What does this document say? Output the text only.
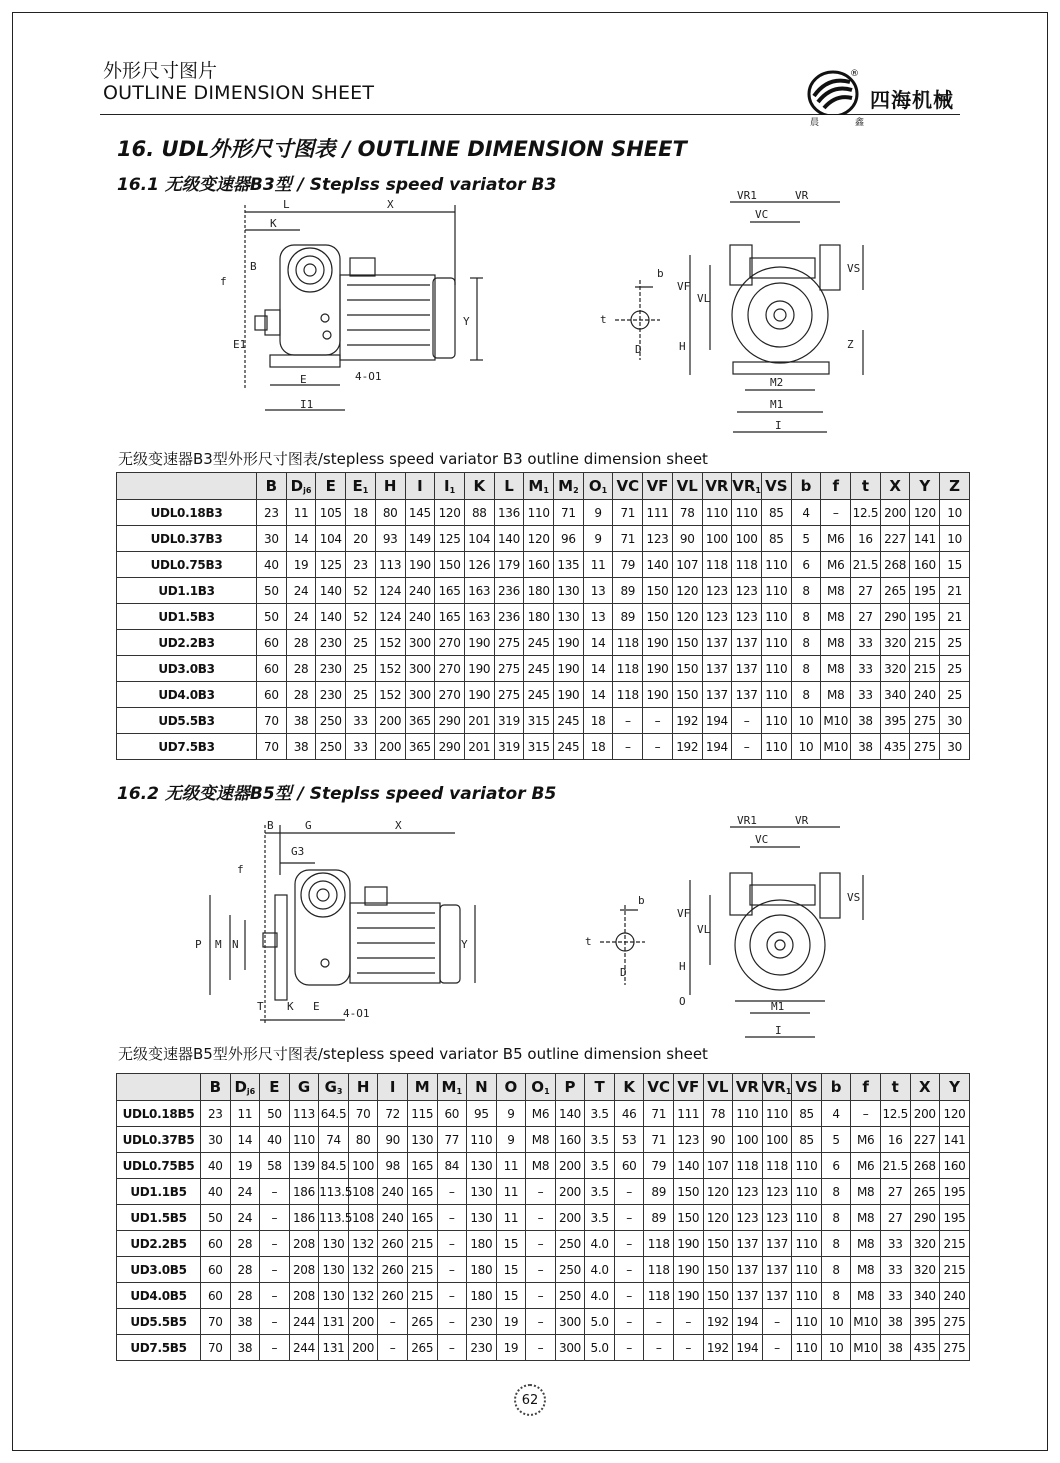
外形尺寸图片
OUTLINE DIMENSION SHEET
®
四海机械
晨	鑫
16. UDL外形尺寸图表 / OUTLINE DIMENSION SHEET
16.1 无级变速器B3型 / Steplss speed variator B3
L	X
K
B
f
E1
Y
4-O1
E
I1
b
t
D
VR1	VR
VC
VF
VL
VS
H	Z
M2
M1
I
无级变速器B3型外形尺寸图表/stepless speed variator B3 outline dimension sheet
	B	$D_{j6}$	E	$E_1$	H	I	$I_1$	K	L	$M_1$	$M_2$	$O_1$	VC	VF	VL	VR	$VR_1$	VS	b	f	t	X	Y	Z
UDL0.18B3	23	11	105	18	80	145	120	88	136	110	71	9	71	111	78	110	110	85	4	–	12.5	200	120	10
UDL0.37B3	30	14	104	20	93	149	125	104	140	120	96	9	71	123	90	100	100	85	5	M6	16	227	141	10
UDL0.75B3	40	19	125	23	113	190	150	126	179	160	135	11	79	140	107	118	118	110	6	M6	21.5	268	160	15
UD1.1B3	50	24	140	52	124	240	165	163	236	180	130	13	89	150	120	123	123	110	8	M8	27	265	195	21
UD1.5B3	50	24	140	52	124	240	165	163	236	180	130	13	89	150	120	123	123	110	8	M8	27	290	195	21
UD2.2B3	60	28	230	25	152	300	270	190	275	245	190	14	118	190	150	137	137	110	8	M8	33	320	215	25
UD3.0B3	60	28	230	25	152	300	270	190	275	245	190	14	118	190	150	137	137	110	8	M8	33	320	215	25
UD4.0B3	60	28	230	25	152	300	270	190	275	245	190	14	118	190	150	137	137	110	8	M8	33	340	240	25
UD5.5B3	70	38	250	33	200	365	290	201	319	315	245	18	–	–	192	194	–	110	10	M10	38	395	275	30
UD7.5B3	70	38	250	33	200	365	290	201	319	315	245	18	–	–	192	194	–	110	10	M10	38	435	275	30
16.2 无级变速器B5型 / Steplss speed variator B5
B	G	X
G3
f
P M N	Y
T K E
4-O1
b
t
D
VR1	VR
VC
VF
VL
VS
H
O	M1
I
无级变速器B5型外形尺寸图表/stepless speed variator B5 outline dimension sheet
	B	$D_{j6}$	E	G	$G_3$	H	I	M	$M_1$	N	O	$O_1$	P	T	K	VC	VF	VL	VR	$VR_1$	VS	b	f	t	X	Y
UDL0.18B5	23	11	50	113	64.5	70	72	115	60	95	9	M6	140	3.5	46	71	111	78	110	110	85	4	–	12.5	200	120
UDL0.37B5	30	14	40	110	74	80	90	130	77	110	9	M8	160	3.5	53	71	123	90	100	100	85	5	M6	16	227	141
UDL0.75B5	40	19	58	139	84.5	100	98	165	84	130	11	M8	200	3.5	60	79	140	107	118	118	110	6	M6	21.5	268	160
UD1.1B5	40	24	–	186	113.5	108	240	165	–	130	11	–	200	3.5	–	89	150	120	123	123	110	8	M8	27	265	195
UD1.5B5	50	24	–	186	113.5	108	240	165	–	130	11	–	200	3.5	–	89	150	120	123	123	110	8	M8	27	290	195
UD2.2B5	60	28	–	208	130	132	260	215	–	180	15	–	250	4.0	–	118	190	150	137	137	110	8	M8	33	320	215
UD3.0B5	60	28	–	208	130	132	260	215	–	180	15	–	250	4.0	–	118	190	150	137	137	110	8	M8	33	320	215
UD4.0B5	60	28	–	208	130	132	260	215	–	180	15	–	250	4.0	–	118	190	150	137	137	110	8	M8	33	340	240
UD5.5B5	70	38	–	244	131	200	–	265	–	230	19	–	300	5.0	–	–	–	192	194	–	110	10	M10	38	395	275
UD7.5B5	70	38	–	244	131	200	–	265	–	230	19	–	300	5.0	–	–	–	192	194	–	110	10	M10	38	435	275
62
